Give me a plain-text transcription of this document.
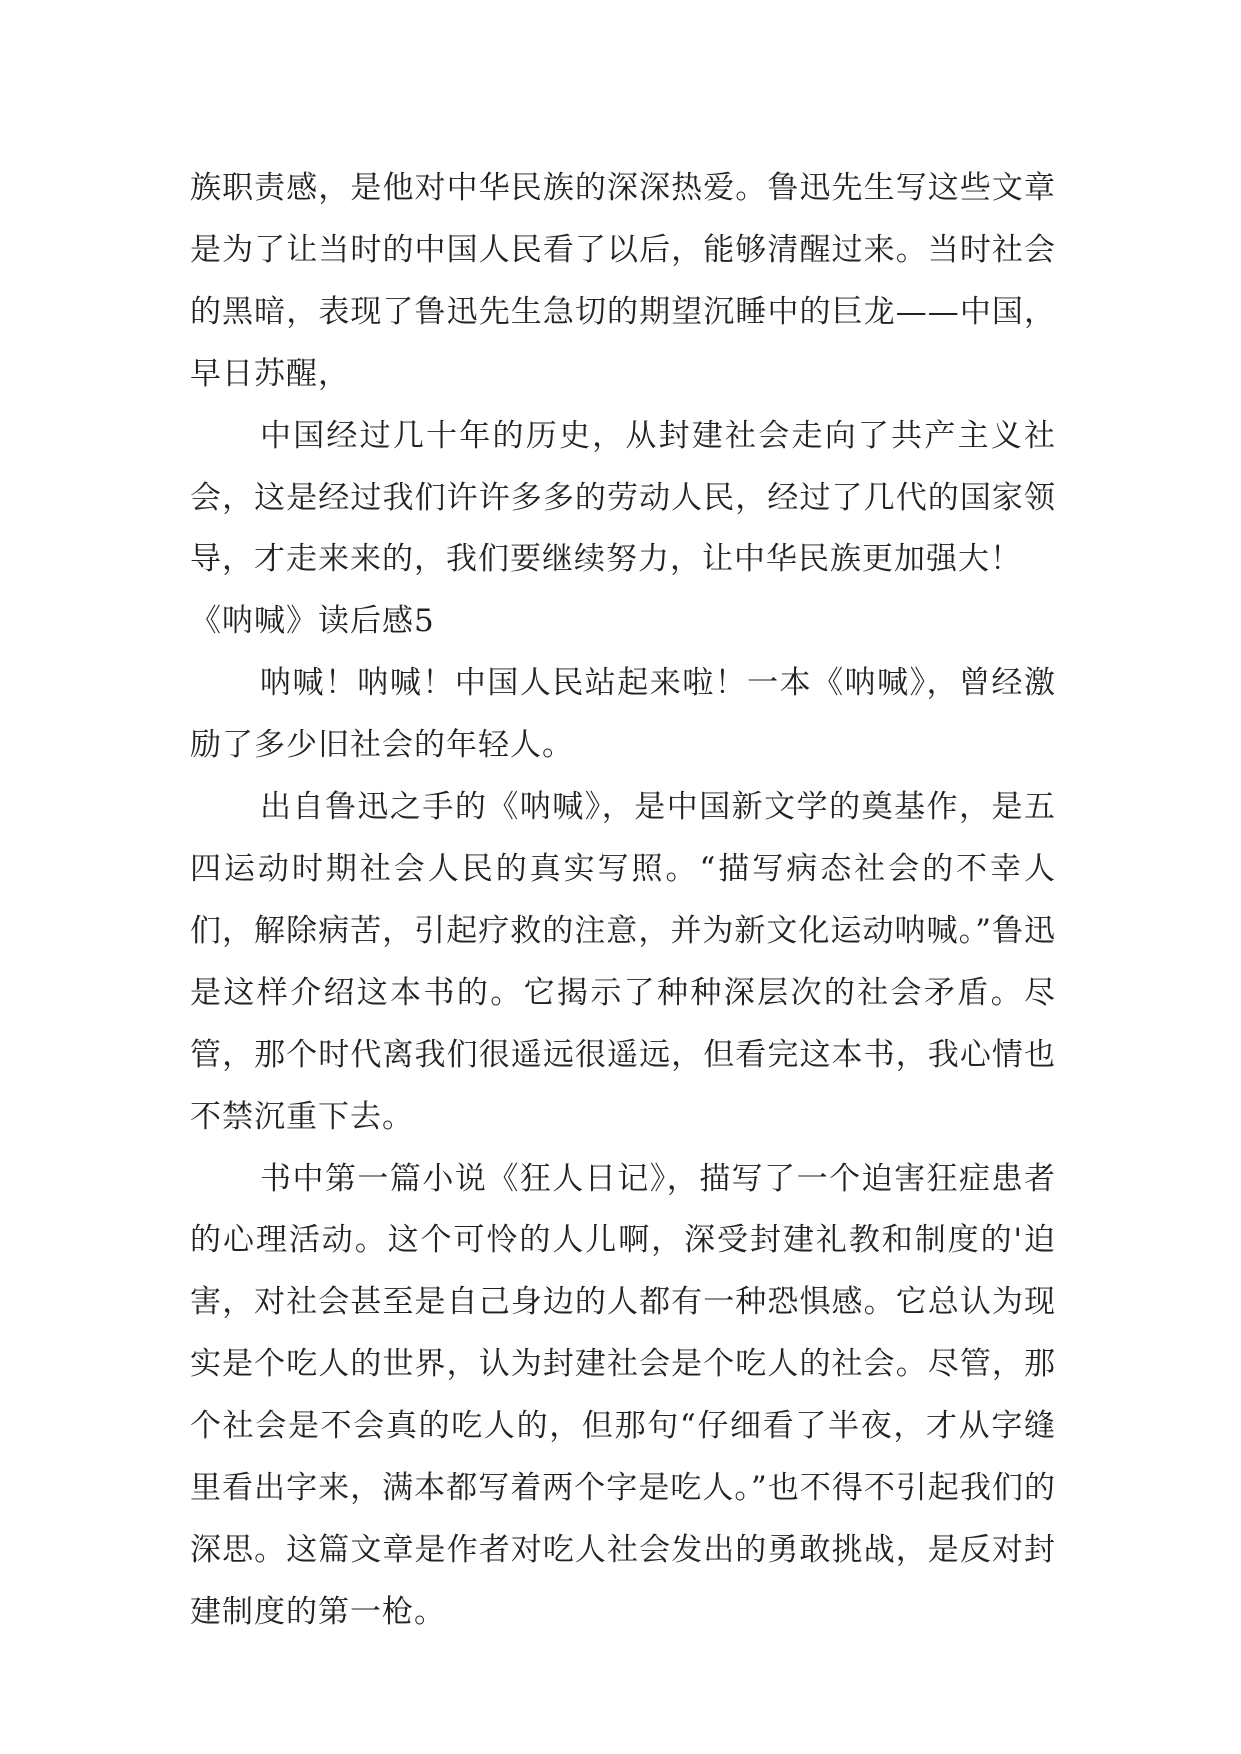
族职责感，是他对中华民族的深深热爱。鲁迅先生写这些文章是为了让当时的中国人民看了以后，能够清醒过来。当时社会的黑暗，表现了鲁迅先生急切的期望沉睡中的巨龙——中国，早日苏醒，

中国经过几十年的历史，从封建社会走向了共产主义社会，这是经过我们许许多多的劳动人民，经过了几代的国家领导，才走来来的，我们要继续努力，让中华民族更加强大！

《呐喊》读后感5

呐喊！呐喊！中国人民站起来啦！一本《呐喊》，曾经激励了多少旧社会的年轻人。

出自鲁迅之手的《呐喊》，是中国新文学的奠基作，是五四运动时期社会人民的真实写照。“描写病态社会的不幸人们，解除病苦，引起疗救的注意，并为新文化运动呐喊。”鲁迅是这样介绍这本书的。它揭示了种种深层次的社会矛盾。尽管，那个时代离我们很遥远很遥远，但看完这本书，我心情也不禁沉重下去。

书中第一篇小说《狂人日记》，描写了一个迫害狂症患者的心理活动。这个可怜的人儿啊，深受封建礼教和制度的'迫害，对社会甚至是自己身边的人都有一种恐惧感。它总认为现实是个吃人的世界，认为封建社会是个吃人的社会。尽管，那个社会是不会真的吃人的，但那句“仔细看了半夜，才从字缝里看出字来，满本都写着两个字是吃人。”也不得不引起我们的深思。这篇文章是作者对吃人社会发出的勇敢挑战，是反对封建制度的第一枪。
